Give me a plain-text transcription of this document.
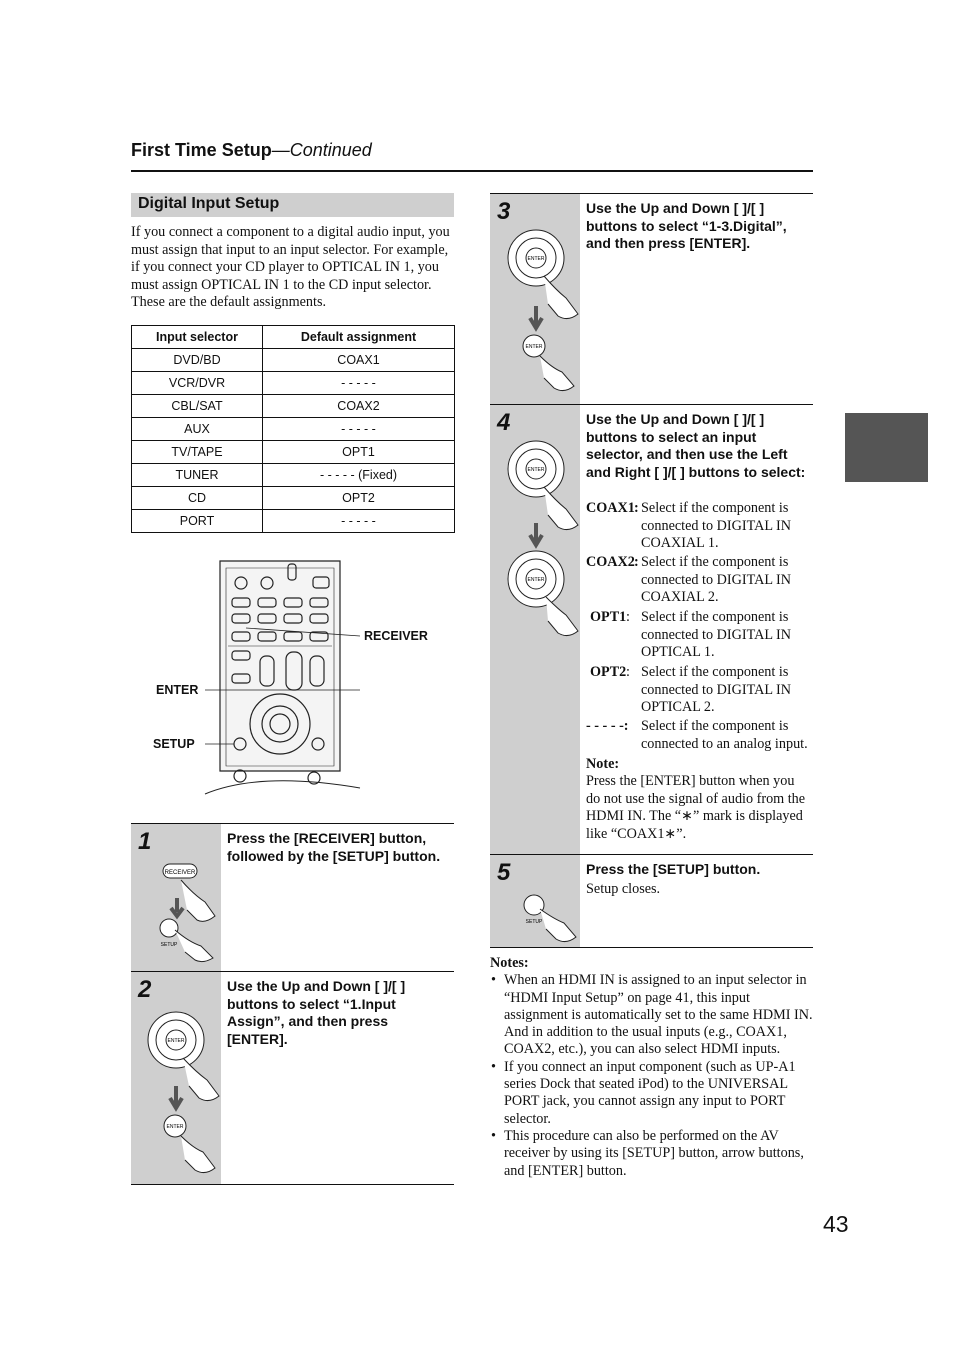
First Time Setup—Continued
Digital Input Setup
If you connect a component to a digital audio input, you must assign that input to an input selector. For example, if you connect your CD player to OPTICAL IN 1, you must assign OPTICAL IN 1 to the CD input selector. These are the default assignments.
Input selector	Default assignment
DVD/BD	COAX1
VCR/DVR	- - - - -
CBL/SAT	COAX2
AUX	- - - - -
TV/TAPE	OPT1
TUNER	- - - - - (Fixed)
CD	OPT2
PORT	- - - - -
RECEIVER
ENTER
SETUP
1	Press the [RECEIVER] button, followed by the [SETUP] button.
RECEIVER
SETUP
2	Use the Up and Down [ ]/[ ] buttons to select “1.Input Assign”, and then press [ENTER].
ENTER
ENTER
3	Use the Up and Down [ ]/[ ] buttons to select “1-3.Digital”, and then press [ENTER].
ENTER
ENTER
4	Use the Up and Down [ ]/[ ] buttons to select an input selector, and then use the Left and Right [ ]/[ ] buttons to select:
ENTER
ENTER
COAX1 : Select if the component is connected to DIGITAL IN COAXIAL 1.
COAX2 : Select if the component is connected to DIGITAL IN COAXIAL 2.
OPT1 : Select if the component is connected to DIGITAL IN OPTICAL 1.
OPT2 : Select if the component is connected to DIGITAL IN OPTICAL 2.
- - - - -: Select if the component is connected to an analog input.
Note:
Press the [ENTER] button when you do not use the signal of audio from the HDMI IN. The “∗” mark is displayed like “COAX1∗”.
5	Press the [SETUP] button.
Setup closes.
SETUP
Notes:
• When an HDMI IN is assigned to an input selector in “HDMI Input Setup” on page 41, this input assignment is automatically set to the same HDMI IN. And in addition to the usual inputs (e.g., COAX1, COAX2, etc.), you can also select HDMI inputs.
• If you connect an input component (such as UP-A1 series Dock that seated iPod) to the UNIVERSAL PORT jack, you cannot assign any input to PORT selector.
• This procedure can also be performed on the AV receiver by using its [SETUP] button, arrow buttons, and [ENTER] button.
43
